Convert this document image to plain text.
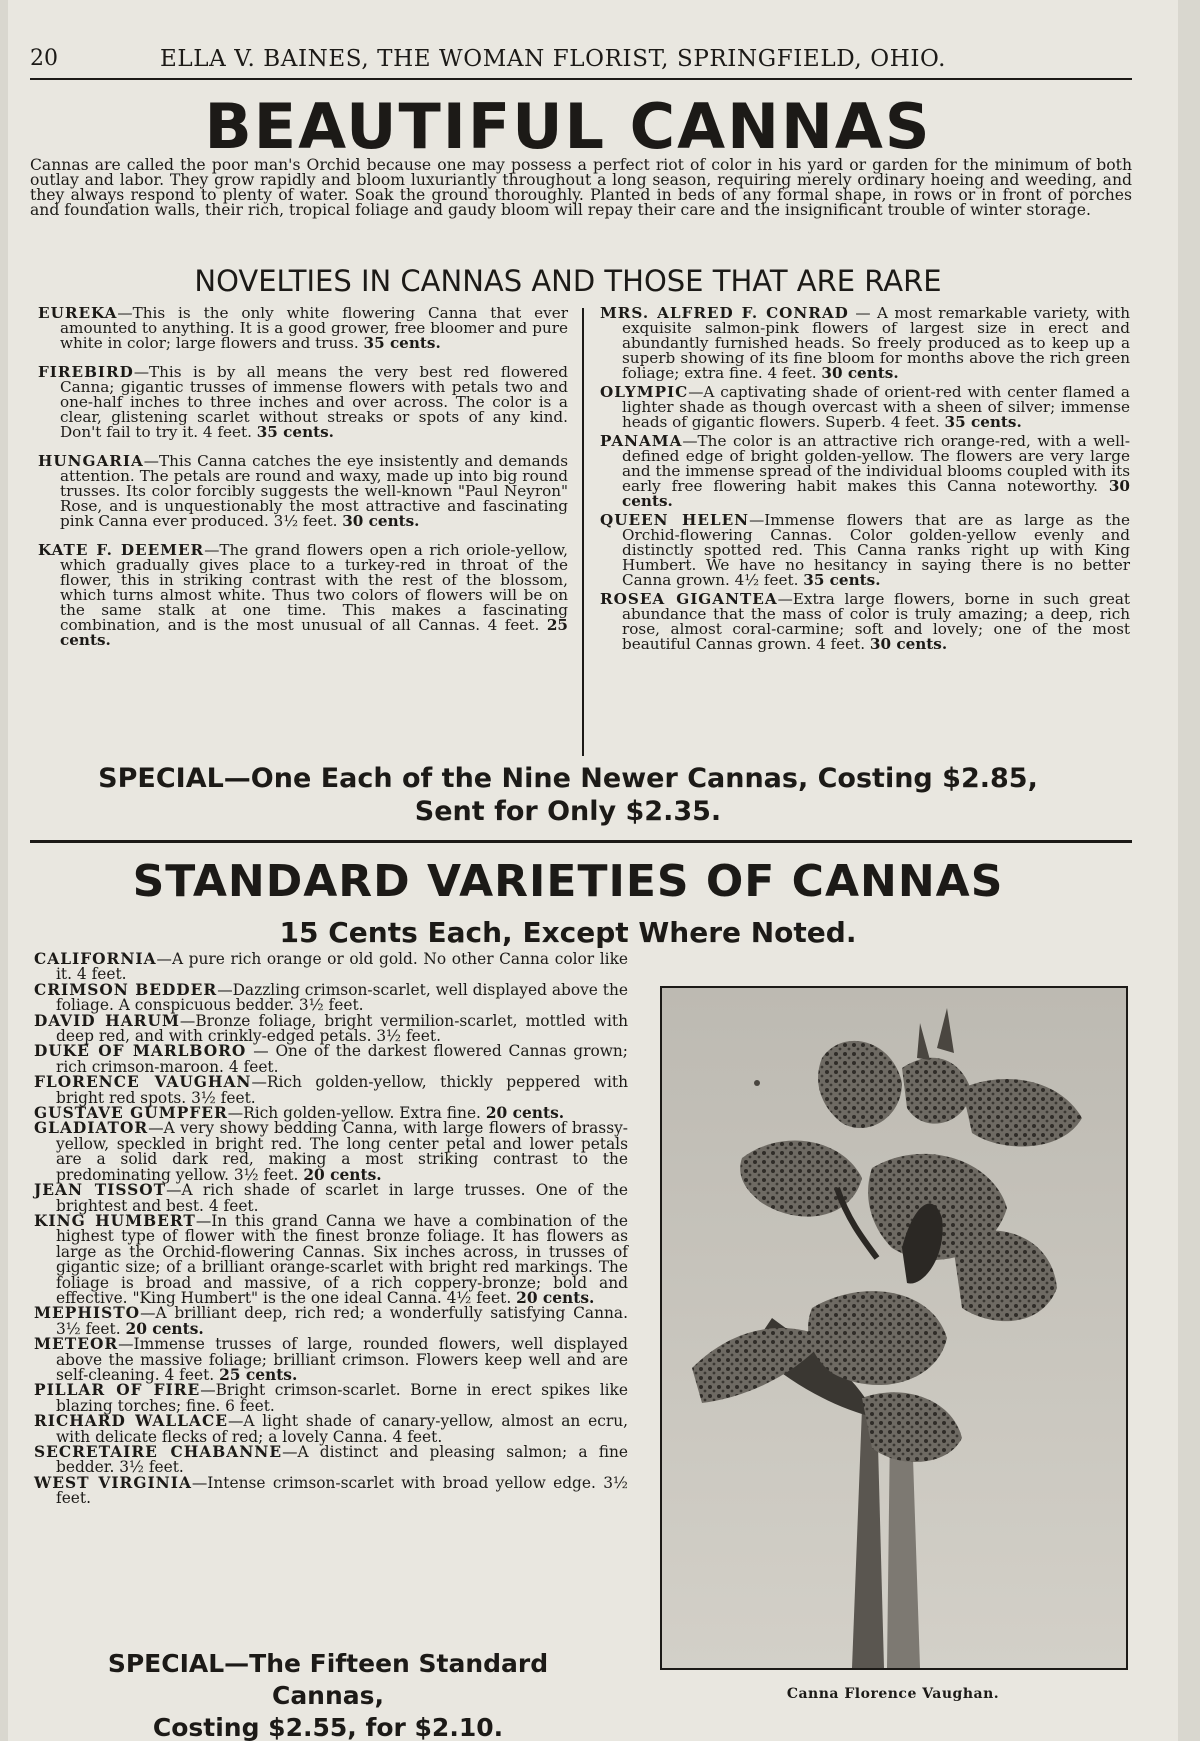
20	ELLA V. BAINES, THE WOMAN FLORIST, SPRINGFIELD, OHIO.
BEAUTIFUL CANNAS
Cannas are called the poor man's Orchid because one may possess a perfect riot of color in his yard or garden for the minimum of both outlay and labor. They grow rapidly and bloom luxuriantly throughout a long season, requiring merely ordinary hoeing and weeding, and they always respond to plenty of water. Soak the ground thoroughly. Planted in beds of any formal shape, in rows or in front of porches and foundation walls, their rich, tropical foliage and gaudy bloom will repay their care and the insignificant trouble of winter storage.
NOVELTIES IN CANNAS AND THOSE THAT ARE RARE

EUREKA—This is the only white flowering Canna that ever amounted to anything. It is a good grower, free bloomer and pure white in color; large flowers and truss. 35 cents.

FIREBIRD—This is by all means the very best red flowered Canna; gigantic trusses of immense flowers with petals two and one-half inches to three inches and over across. The color is a clear, glistening scarlet without streaks or spots of any kind. Don't fail to try it. 4 feet. 35 cents.

HUNGARIA—This Canna catches the eye insistently and demands attention. The petals are round and waxy, made up into big round trusses. Its color forcibly suggests the well-known "Paul Neyron" Rose, and is unquestionably the most attractive and fascinating pink Canna ever produced. 3½ feet. 30 cents.

KATE F. DEEMER—The grand flowers open a rich oriole-yellow, which gradually gives place to a turkey-red in throat of the flower, this in striking contrast with the rest of the blossom, which turns almost white. Thus two colors of flowers will be on the same stalk at one time. This makes a fascinating combination, and is the most unusual of all Cannas. 4 feet. 25 cents.

MRS. ALFRED F. CONRAD — A most remarkable variety, with exquisite salmon-pink flowers of largest size in erect and abundantly furnished heads. So freely produced as to keep up a superb showing of its fine bloom for months above the rich green foliage; extra fine. 4 feet. 30 cents.

OLYMPIC—A captivating shade of orient-red with center flamed a lighter shade as though overcast with a sheen of silver; immense heads of gigantic flowers. Superb. 4 feet. 35 cents.

PANAMA—The color is an attractive rich orange-red, with a well-defined edge of bright golden-yellow. The flowers are very large and the immense spread of the individual blooms coupled with its early free flowering habit makes this Canna noteworthy. 30 cents.

QUEEN HELEN—Immense flowers that are as large as the Orchid-flowering Cannas. Color golden-yellow evenly and distinctly spotted red. This Canna ranks right up with King Humbert. We have no hesitancy in saying there is no better Canna grown. 4½ feet. 35 cents.

ROSEA GIGANTEA—Extra large flowers, borne in such great abundance that the mass of color is truly amazing; a deep, rich rose, almost coral-carmine; soft and lovely; one of the most beautiful Cannas grown. 4 feet. 30 cents.

SPECIAL—One Each of the Nine Newer Cannas, Costing $2.85,
Sent for Only $2.35.
STANDARD VARIETIES OF CANNAS
15 Cents Each, Except Where Noted.

CALIFORNIA—A pure rich orange or old gold. No other Canna color like it. 4 feet.

CRIMSON BEDDER—Dazzling crimson-scarlet, well displayed above the foliage. A conspicuous bedder. 3½ feet.

DAVID HARUM—Bronze foliage, bright vermilion-scarlet, mottled with deep red, and with crinkly-edged petals. 3½ feet.

DUKE OF MARLBORO — One of the darkest flowered Cannas grown; rich crimson-maroon. 4 feet.

FLORENCE VAUGHAN—Rich golden-yellow, thickly peppered with bright red spots. 3½ feet.

GUSTAVE GUMPFER—Rich golden-yellow. Extra fine. 20 cents.

GLADIATOR—A very showy bedding Canna, with large flowers of brassy-yellow, speckled in bright red. The long center petal and lower petals are a solid dark red, making a most striking contrast to the predominating yellow. 3½ feet. 20 cents.

JEAN TISSOT—A rich shade of scarlet in large trusses. One of the brightest and best. 4 feet.

KING HUMBERT—In this grand Canna we have a combination of the highest type of flower with the finest bronze foliage. It has flowers as large as the Orchid-flowering Cannas. Six inches across, in trusses of gigantic size; of a brilliant orange-scarlet with bright red markings. The foliage is broad and massive, of a rich coppery-bronze; bold and effective. "King Humbert" is the one ideal Canna. 4½ feet. 20 cents.

MEPHISTO—A brilliant deep, rich red; a wonderfully satisfying Canna. 3½ feet. 20 cents.

METEOR—Immense trusses of large, rounded flowers, well displayed above the massive foliage; brilliant crimson. Flowers keep well and are self-cleaning. 4 feet. 25 cents.

PILLAR OF FIRE—Bright crimson-scarlet. Borne in erect spikes like blazing torches; fine. 6 feet.

RICHARD WALLACE—A light shade of canary-yellow, almost an ecru, with delicate flecks of red; a lovely Canna. 4 feet.

SECRETAIRE CHABANNE—A distinct and pleasing salmon; a fine bedder. 3½ feet.

WEST VIRGINIA—Intense crimson-scarlet with broad yellow edge. 3½ feet.

SPECIAL—The Fifteen Standard Cannas,
Costing $2.55, for $2.10.
Canna Florence Vaughan.
